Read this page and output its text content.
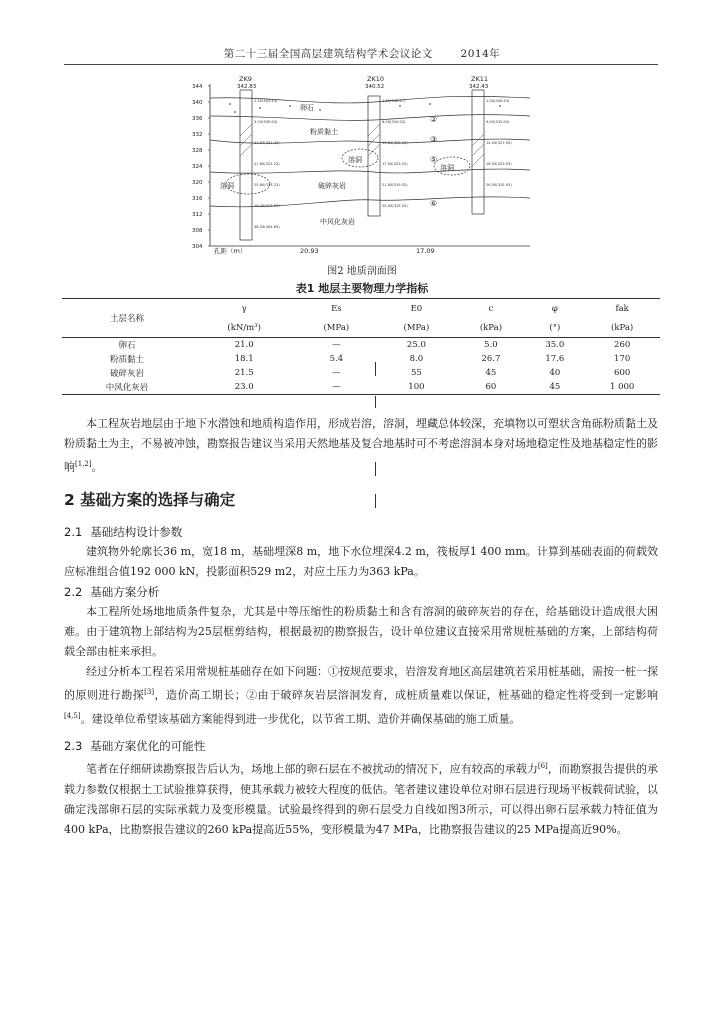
第二十三届全国高层建筑结构学术会议论文	2014年
344
340
336
332
328
324
320
316
312
308
304
ZK9
342.83
ZK10
340.52
ZK11
342.43
卵石
粉质黏土
溶洞
溶洞
溶洞
破碎灰岩
中风化灰岩
②
③
⑤
⑥
1.40(341.43)
3.20(339.63)
11.50(331.33)
21.60(321.23)
25.60(317.23)
29.20(313.63)
38.20(304.63)
1.65(338.87)
6.00(334.52)
12.50(328.02)
17.00(323.52)
21.00(319.52)
25.00(315.52)
2.00(340.43)
9.50(332.93)
14.50(327.93)
18.50(323.93)
26.50(315.93)
孔距（m）	20.93	17.09
图2 地质剖面图
表1 地层主要物理力学指标
土层名称	γ	Es	E0	c	φ	fak
	(kN/m³)	(MPa)	(MPa)	(kPa)	(°)	(kPa)
卵石	21.0	—	25.0	5.0	35.0	260
粉质黏土	18.1	5.4	8.0	26.7	17.6	170
破碎灰岩	21.5	—	55	45	40	600
中风化灰岩	23.0	—	100	60	45	1 000

本工程灰岩地层由于地下水潜蚀和地质构造作用，形成岩溶，溶洞，埋藏总体较深，充填物以可塑状含角砾粉质黏土及粉质黏土为主，不易被冲蚀，勘察报告建议当采用天然地基及复合地基时可不考虑溶洞本身对场地稳定性及地基稳定性的影响[1,2]。

2 基础方案的选择与确定
2.1 基础结构设计参数

建筑物外轮廓长36 m，宽18 m，基础埋深8 m，地下水位埋深4.2 m，筏板厚1 400 mm。计算到基础表面的荷载效应标准组合值192 000 kN，投影面积529 m2，对应土压力为363 kPa。

2.2 基础方案分析

本工程所处场地地质条件复杂，尤其是中等压缩性的粉质黏土和含有溶洞的破碎灰岩的存在，给基础设计造成很大困难。由于建筑物上部结构为25层框剪结构，根据最初的勘察报告，设计单位建议直接采用常规桩基础的方案，上部结构荷载全部由桩来承担。

经过分析本工程若采用常规桩基础存在如下问题：①按规范要求，岩溶发育地区高层建筑若采用桩基础，需按一桩一探的原则进行勘探[3]，造价高工期长；②由于破碎灰岩层溶洞发育，成桩质量难以保证，桩基础的稳定性将受到一定影响[4,5]。建设单位希望该基础方案能得到进一步优化，以节省工期、造价并确保基础的施工质量。

2.3 基础方案优化的可能性

笔者在仔细研读勘察报告后认为，场地上部的卵石层在不被扰动的情况下，应有较高的承载力[6]，而勘察报告提供的承载力参数仅根据土工试验推算获得，使其承载力被较大程度的低估。笔者建议建设单位对卵石层进行现场平板载荷试验，以确定浅部卵石层的实际承载力及变形模量。试验最终得到的卵石层受力自线如图3所示，可以得出卵石层承载力特征值为400 kPa，比勘察报告建议的260 kPa提高近55%，变形模量为47 MPa，比勘察报告建议的25 MPa提高近90%。
